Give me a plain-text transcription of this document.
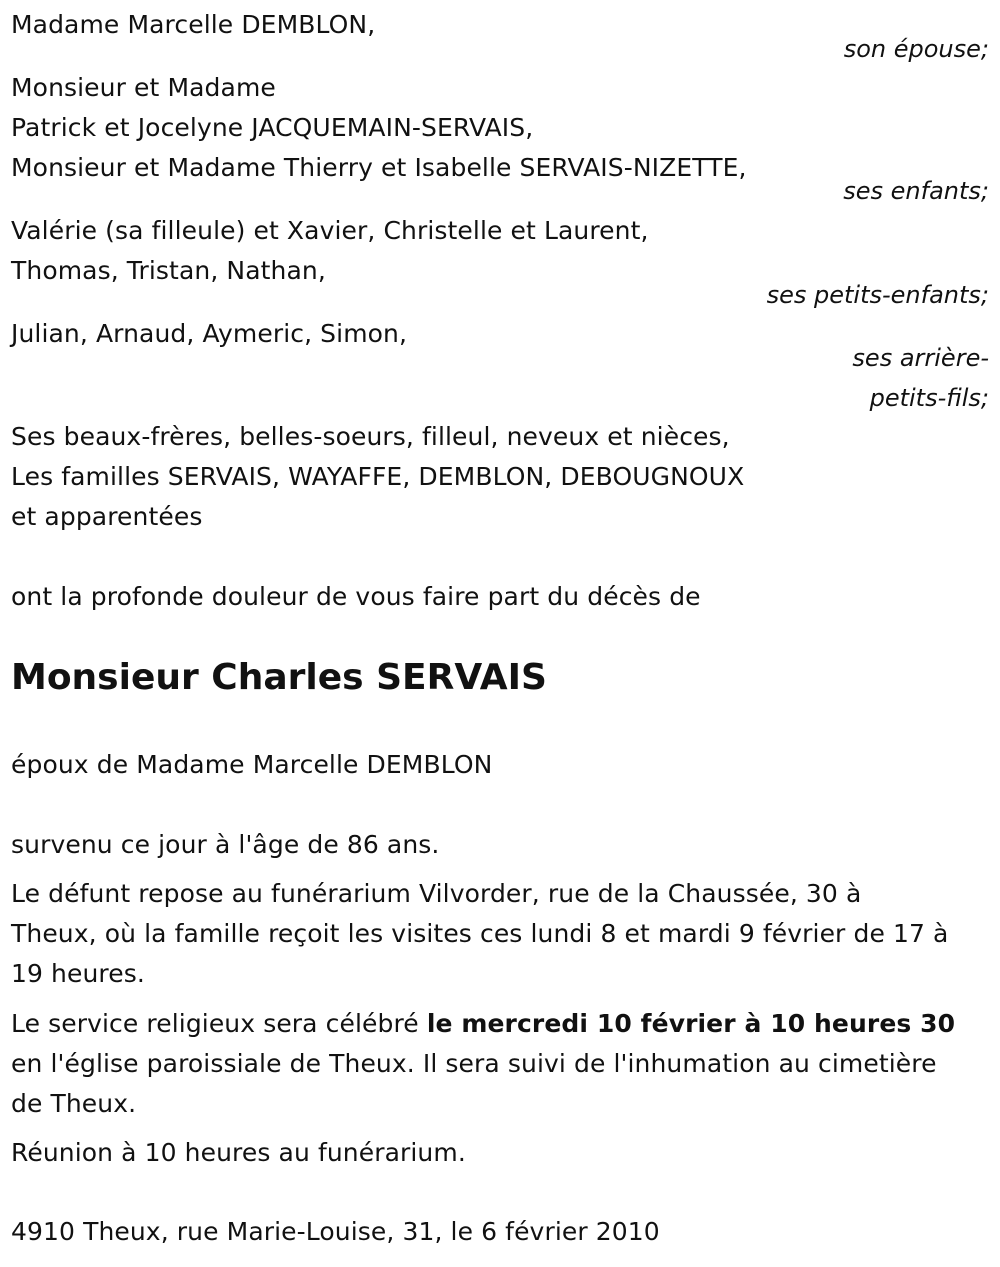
Madame Marcelle DEMBLON,
son épouse;
Monsieur et Madame
Patrick et Jocelyne JACQUEMAIN-SERVAIS,
Monsieur et Madame Thierry et Isabelle SERVAIS-NIZETTE,
ses enfants;
Valérie (sa filleule) et Xavier, Christelle et Laurent,
Thomas, Tristan, Nathan,
ses petits-enfants;
Julian, Arnaud, Aymeric, Simon,
ses arrière-
petits-fils;
Ses beaux-frères, belles-soeurs, filleul, neveux et nièces,
Les familles SERVAIS, WAYAFFE, DEMBLON, DEBOUGNOUX
et apparentées
ont la profonde douleur de vous faire part du décès de
Monsieur Charles SERVAIS
époux de Madame Marcelle DEMBLON
survenu ce jour à l'âge de 86 ans.
Le défunt repose au funérarium Vilvorder, rue de la Chaussée, 30 à
Theux, où la famille reçoit les visites ces lundi 8 et mardi 9 février de 17 à
19 heures.
Le service religieux sera célébré le mercredi 10 février à 10 heures 30
en l'église paroissiale de Theux. Il sera suivi de l'inhumation au cimetière
de Theux.
Réunion à 10 heures au funérarium.
4910 Theux, rue Marie-Louise, 31, le 6 février 2010
